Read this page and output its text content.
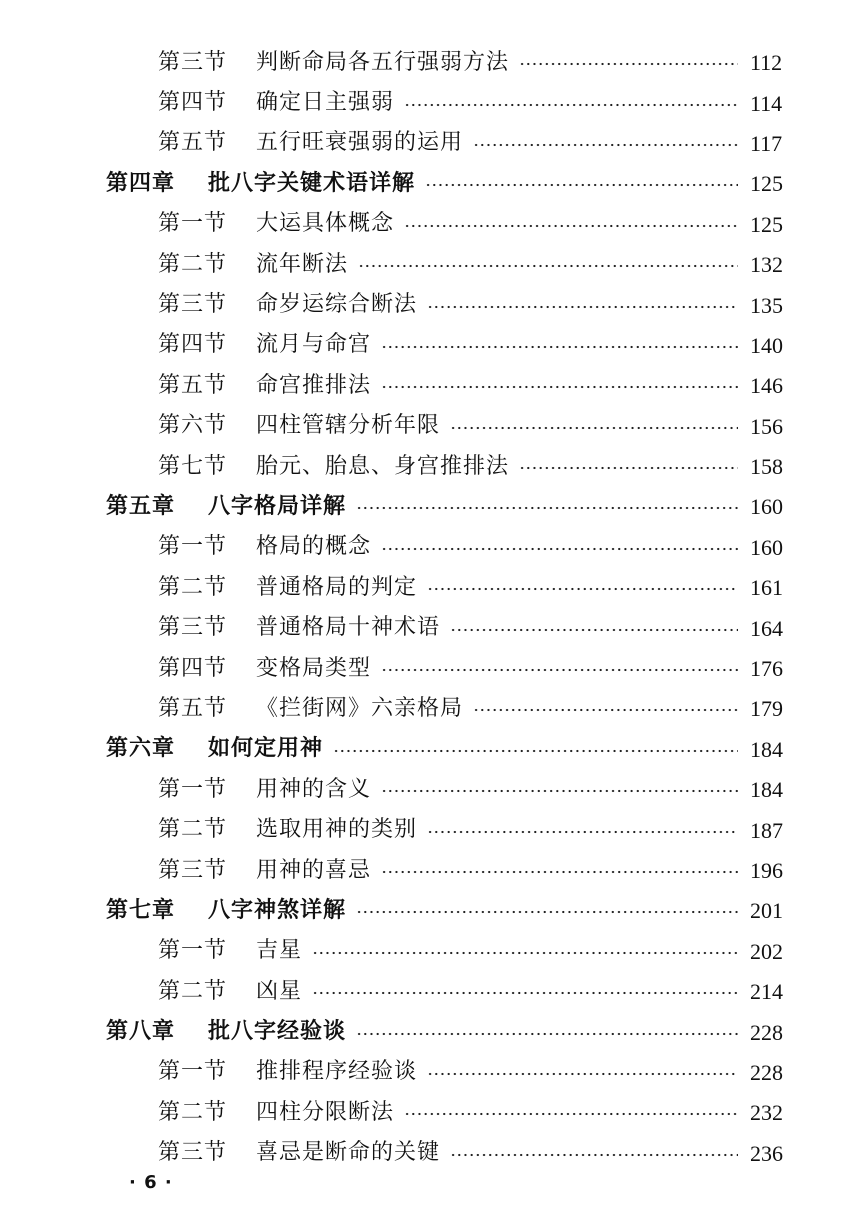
第三节	判断命局各五行强弱方法	112
第四节	确定日主强弱	114
第五节	五行旺衰强弱的运用	117
第四章	批八字关键术语详解	125
第一节	大运具体概念	125
第二节	流年断法	132
第三节	命岁运综合断法	135
第四节	流月与命宫	140
第五节	命宫推排法	146
第六节	四柱管辖分析年限	156
第七节	胎元、胎息、身宫推排法	158
第五章	八字格局详解	160
第一节	格局的概念	160
第二节	普通格局的判定	161
第三节	普通格局十神术语	164
第四节	变格局类型	176
第五节	《拦街网》六亲格局	179
第六章	如何定用神	184
第一节	用神的含义	184
第二节	选取用神的类别	187
第三节	用神的喜忌	196
第七章	八字神煞详解	201
第一节	吉星	202
第二节	凶星	214
第八章	批八字经验谈	228
第一节	推排程序经验谈	228
第二节	四柱分限断法	232
第三节	喜忌是断命的关键	236
· 6 ·
